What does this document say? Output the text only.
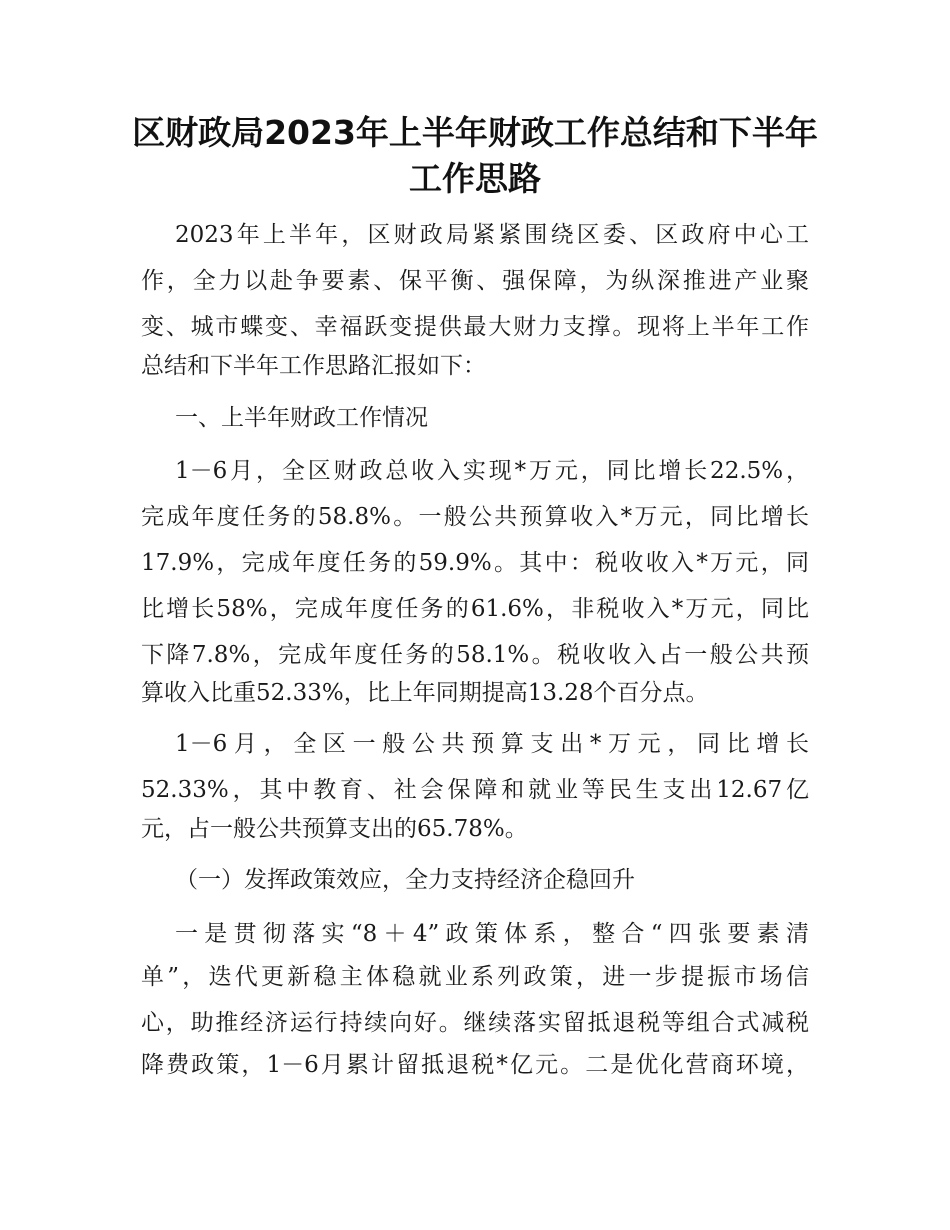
区财政局2023年上半年财政工作总结和下半年
工作思路
2023年上半年，区财政局紧紧围绕区委、区政府中心工
作，全力以赴争要素、保平衡、强保障，为纵深推进产业聚
变、城市蝶变、幸福跃变提供最大财力支撑。现将上半年工作
总结和下半年工作思路汇报如下：
一、上半年财政工作情况
1－6月，全区财政总收入实现*万元，同比增长22.5%，
完成年度任务的58.8%。一般公共预算收入*万元，同比增长
17.9%，完成年度任务的59.9%。其中：税收收入*万元，同
比增长58%，完成年度任务的61.6%，非税收入*万元，同比
下降7.8%，完成年度任务的58.1%。税收收入占一般公共预
算收入比重52.33%，比上年同期提高13.28个百分点。
1－6月，全区一般公共预算支出*万元，同比增长
52.33%，其中教育、社会保障和就业等民生支出12.67亿
元，占一般公共预算支出的65.78%。
（一）发挥政策效应，全力支持经济企稳回升
一是贯彻落实“8＋4”政策体系，整合“四张要素清
单”，迭代更新稳主体稳就业系列政策，进一步提振市场信
心，助推经济运行持续向好。继续落实留抵退税等组合式减税
降费政策，1－6月累计留抵退税*亿元。二是优化营商环境，
